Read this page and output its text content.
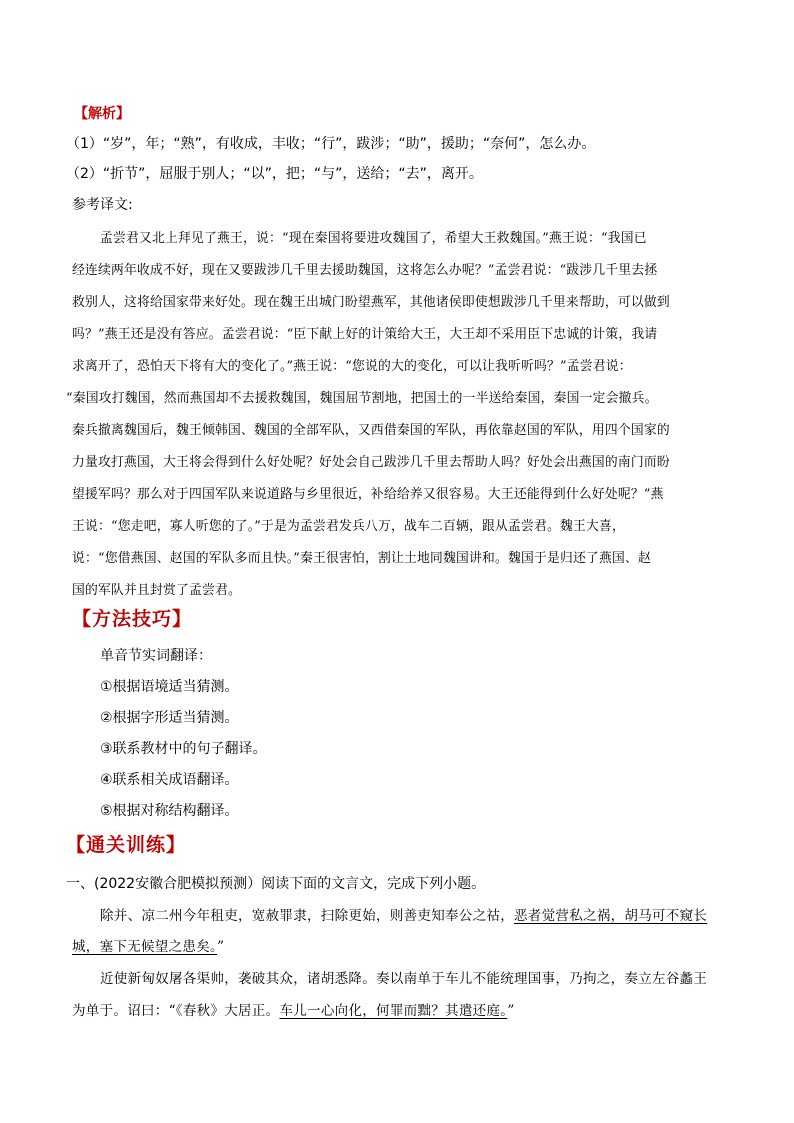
【解析】
（1）“岁”，年；“熟”，有收成，丰收；“行”，跋涉；“助”，援助；“奈何”，怎么办。
（2）“折节”，屈服于别人；“以”，把；“与”，送给；“去”，离开。
参考译文:
孟尝君又北上拜见了燕王，说：“现在秦国将要进攻魏国了，希望大王救魏国。”燕王说：“我国已
经连续两年收成不好，现在又要跋涉几千里去援助魏国，这将怎么办呢？”孟尝君说：“跋涉几千里去拯
救别人，这将给国家带来好处。现在魏王出城门盼望燕军，其他诸侯即使想跋涉几千里来帮助，可以做到
吗？”燕王还是没有答应。孟尝君说：“臣下献上好的计策给大王，大王却不采用臣下忠诚的计策，我请
求离开了，恐怕天下将有大的变化了。”燕王说：“您说的大的变化，可以让我听听吗？”孟尝君说：
“秦国攻打魏国，然而燕国却不去援救魏国，魏国屈节割地，把国土的一半送给秦国，秦国一定会撤兵。
秦兵撤离魏国后，魏王倾韩国、魏国的全部军队，又西借秦国的军队，再依靠赵国的军队，用四个国家的
力量攻打燕国，大王将会得到什么好处呢？好处会自己跋涉几千里去帮助人吗？好处会出燕国的南门而盼
望援军吗？那么对于四国军队来说道路与乡里很近，补给给养又很容易。大王还能得到什么好处呢？”燕
王说：“您走吧，寡人听您的了。”于是为孟尝君发兵八万，战车二百辆，跟从孟尝君。魏王大喜，
说：“您借燕国、赵国的军队多而且快。”秦王很害怕，割让土地同魏国讲和。魏国于是归还了燕国、赵
国的军队并且封赏了孟尝君。
【方法技巧】
单音节实词翻译：
①根据语境适当猜测。
②根据字形适当猜测。
③联系教材中的句子翻译。
④联系相关成语翻译。
⑤根据对称结构翻译。
【通关训练】
一、(2022安徽合肥模拟预测）阅读下面的文言文，完成下列小题。
除并、凉二州今年租吏，宽赦罪隶，扫除更始，则善吏知奉公之祜，恶者觉营私之祸，胡马可不窥长
城，塞下无候望之患矣。”
近使新匈奴屠各渠帅，袭破其众，诸胡悉降。奏以南单于车儿不能统理国事，乃拘之，奏立左谷蠡王
为单于。诏曰：“《春秋》大居正。车儿一心向化，何罪而黜？其遣还庭。”
